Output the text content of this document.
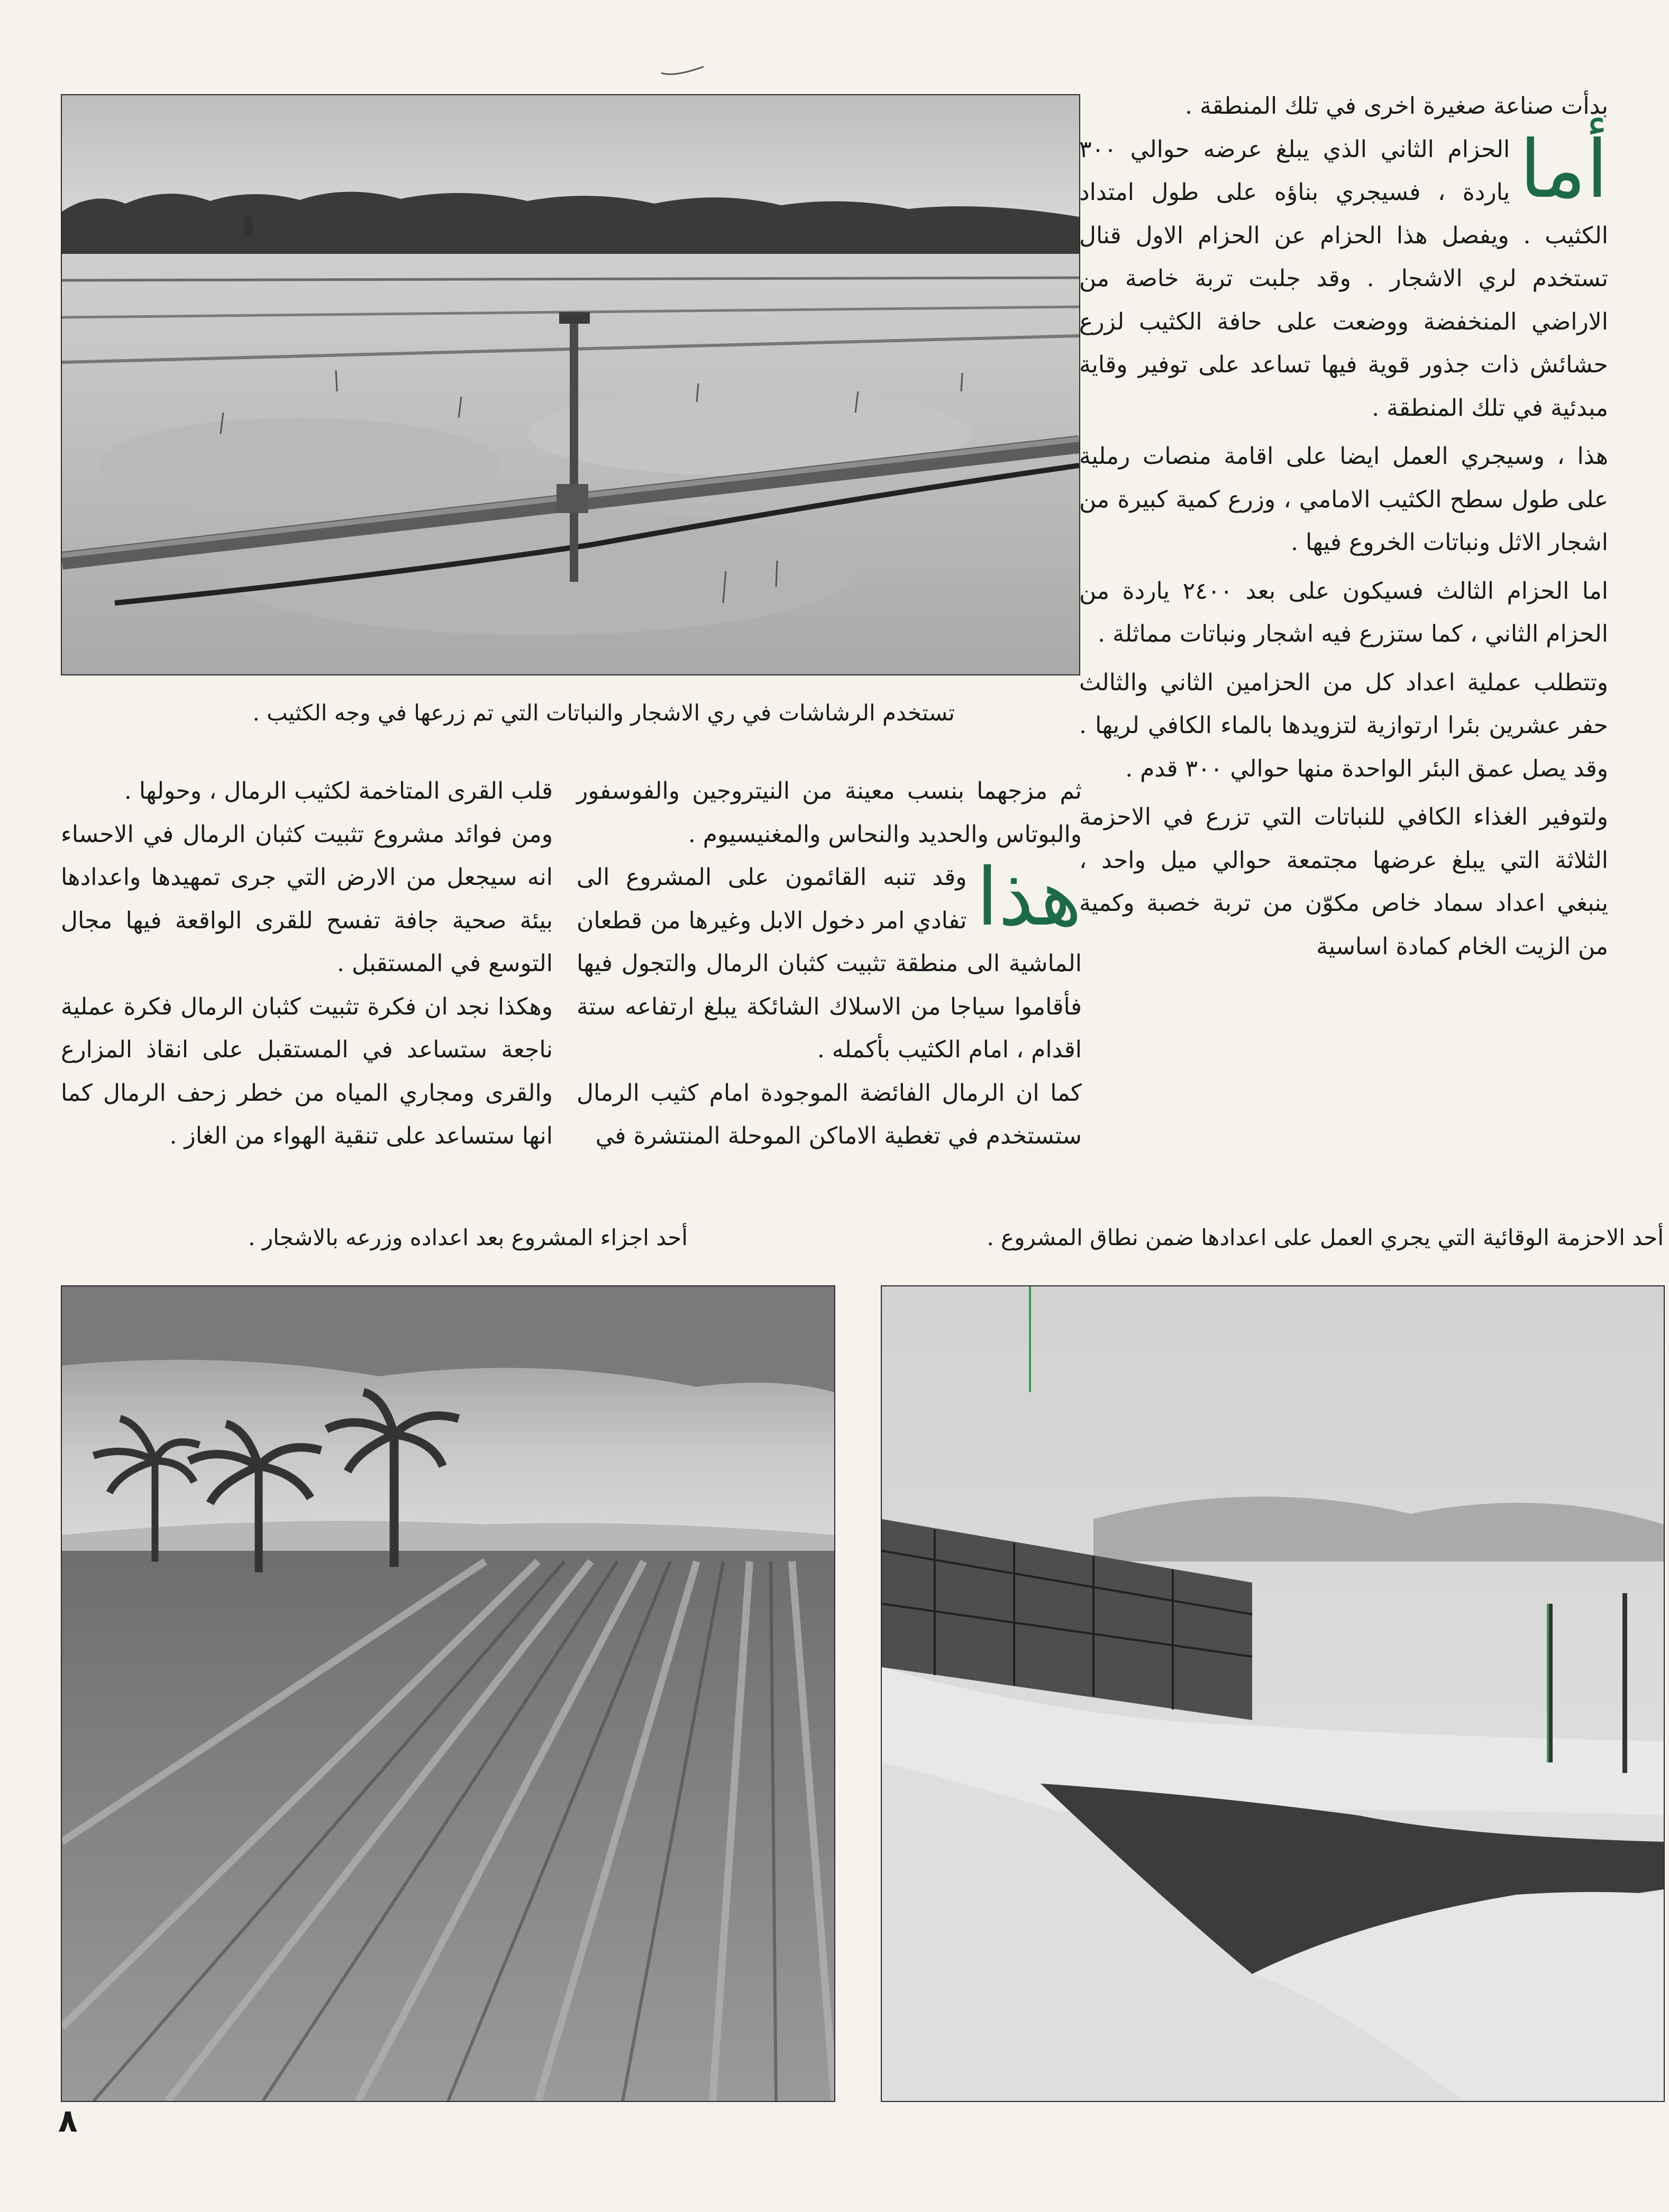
تستخدم الرشاشات في ري الاشجار والنباتات التي تم زرعها في وجه الكثيب .

بدأت صناعة صغيرة اخرى في تلك المنطقة .

أما
الحزام الثاني الذي يبلغ عرضه حوالي ٣٠٠ ياردة ، فسيجري بناؤه على طول امتداد الكثيب . ويفصل هذا الحزام عن الحزام الاول قنال تستخدم لري الاشجار . وقد جلبت تربة خاصة من الاراضي المنخفضة ووضعت على حافة الكثيب لزرع حشائش ذات جذور قوية فيها تساعد على توفير وقاية مبدئية في تلك المنطقة .

هذا ، وسيجري العمل ايضا على اقامة منصات رملية على طول سطح الكثيب الامامي ، وزرع كمية كبيرة من اشجار الاثل ونباتات الخروع فيها .

اما الحزام الثالث فسيكون على بعد ٢٤٠٠ ياردة من الحزام الثاني ، كما ستزرع فيه اشجار ونباتات مماثلة .

وتتطلب عملية اعداد كل من الحزامين الثاني والثالث حفر عشرين بئرا ارتوازية لتزويدها بالماء الكافي لريها . وقد يصل عمق البئر الواحدة منها حوالي ٣٠٠ قدم .

ولتوفير الغذاء الكافي للنباتات التي تزرع في الاحزمة الثلاثة التي يبلغ عرضها مجتمعة حوالي ميل واحد ، ينبغي اعداد سماد خاص مكوّن من تربة خصبة وكمية من الزيت الخام كمادة اساسية

ثم مزجهما بنسب معينة من النيتروجين والفوسفور والبوتاس والحديد والنحاس والمغنيسيوم .

هذا
وقد تنبه القائمون على المشروع الى تفادي امر دخول الابل وغيرها من قطعان الماشية الى منطقة تثبيت كثبان الرمال والتجول فيها فأقاموا سياجا من الاسلاك الشائكة يبلغ ارتفاعه ستة اقدام ، امام الكثيب بأكمله .

كما ان الرمال الفائضة الموجودة امام كثيب الرمال ستستخدم في تغطية الاماكن الموحلة المنتشرة في

قلب القرى المتاخمة لكثيب الرمال ، وحولها .

ومن فوائد مشروع تثبيت كثبان الرمال في الاحساء انه سيجعل من الارض التي جرى تمهيدها واعدادها بيئة صحية جافة تفسح للقرى الواقعة فيها مجال التوسع في المستقبل .

وهكذا نجد ان فكرة تثبيت كثبان الرمال فكرة عملية ناجعة ستساعد في المستقبل على انقاذ المزارع والقرى ومجاري المياه من خطر زحف الرمال كما انها ستساعد على تنقية الهواء من الغاز .

أحد اجزاء المشروع بعد اعداده وزرعه بالاشجار .	أحد الاحزمة الوقائية التي يجري العمل على اعدادها ضمن نطاق المشروع .
٨
